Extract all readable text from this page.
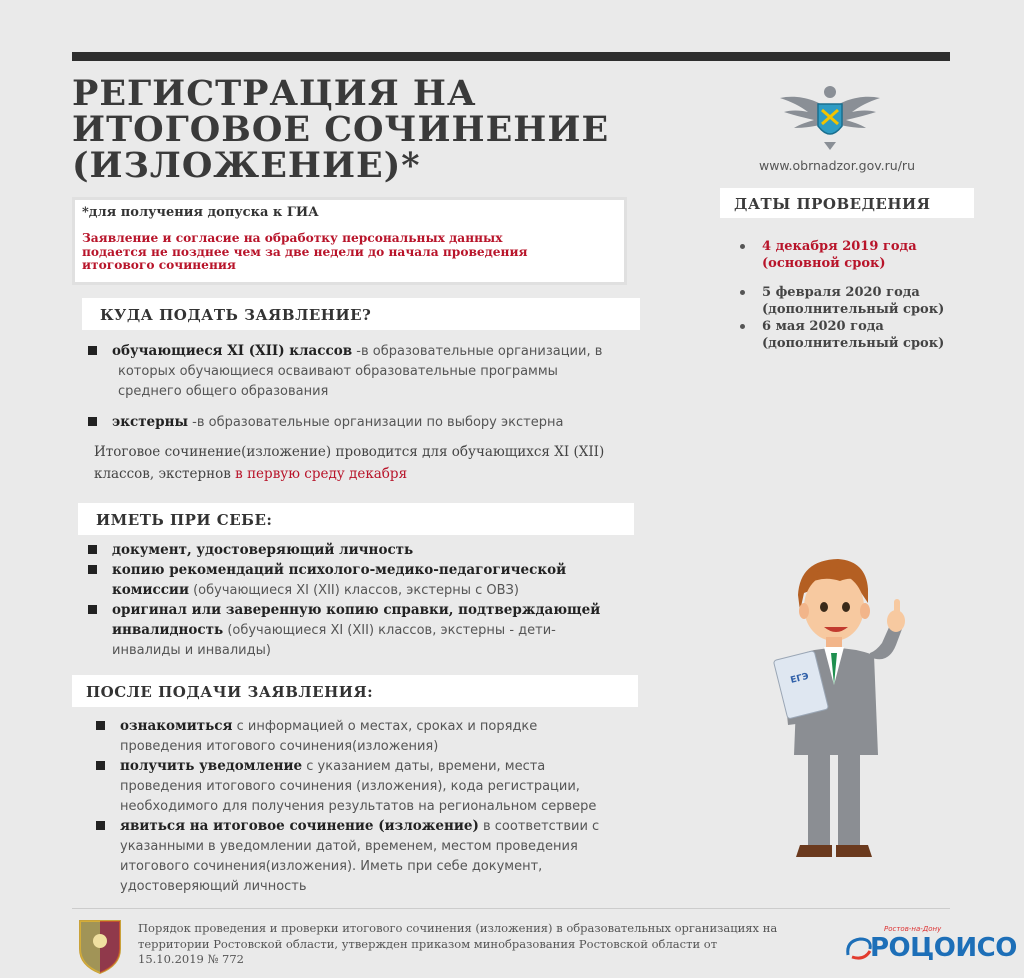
РЕГИСТРАЦИЯ НА
ИТОГОВОЕ СОЧИНЕНИЕ
(ИЗЛОЖЕНИЕ)*	www.obrnadzor.gov.ru/ru
ДАТЫ ПРОВЕДЕНИЯ
4 декабря 2019 года
(основной срок)
5 февраля 2020 года
(дополнительный срок)
6 мая 2020 года
(дополнительный срок)
*для получения допуска к ГИА
Заявление и согласие на обработку персональных данных
подается не позднее чем за две недели до начала проведения
итогового сочинения
КУДА ПОДАТЬ ЗАЯВЛЕНИЕ?
обучающиеся XI (XII) классов -в образовательные организации, в
которых обучающиеся осваивают образовательные программы
среднего общего образования
экстерны -в образовательные организации по выбору экстерна
Итоговое сочинение(изложение) проводится для обучающихся XI (XII)
классов, экстернов в первую среду декабря
ИМЕТЬ ПРИ СЕБЕ:
документ, удостоверяющий личность
копию рекомендаций психолого-медико-педагогической
комиссии (обучающиеся XI (XII) классов, экстерны с ОВЗ)
оригинал или заверенную копию справки, подтверждающей
инвалидность (обучающиеся XI (XII) классов, экстерны - дети-
инвалиды и инвалиды)
ПОСЛЕ ПОДАЧИ ЗАЯВЛЕНИЯ:
ознакомиться с информацией о местах, сроках и порядке
проведения итогового сочинения(изложения)
получить уведомление с указанием даты, времени, места
проведения итогового сочинения (изложения), кода регистрации,
необходимого для получения результатов на региональном сервере
явиться на итоговое сочинение (изложение) в соответствии с
указанными в уведомлении датой, временем, местом проведения
итогового сочинения(изложения). Иметь при себе документ,
удостоверяющий личность
ЕГЭ
Порядок проведения и проверки итогового сочинения (изложения) в образовательных организациях на
территории Ростовской области, утвержден приказом минобразования Ростовской области от
15.10.2019 № 772
Ростов-на-Дону
РОЦОИСО
